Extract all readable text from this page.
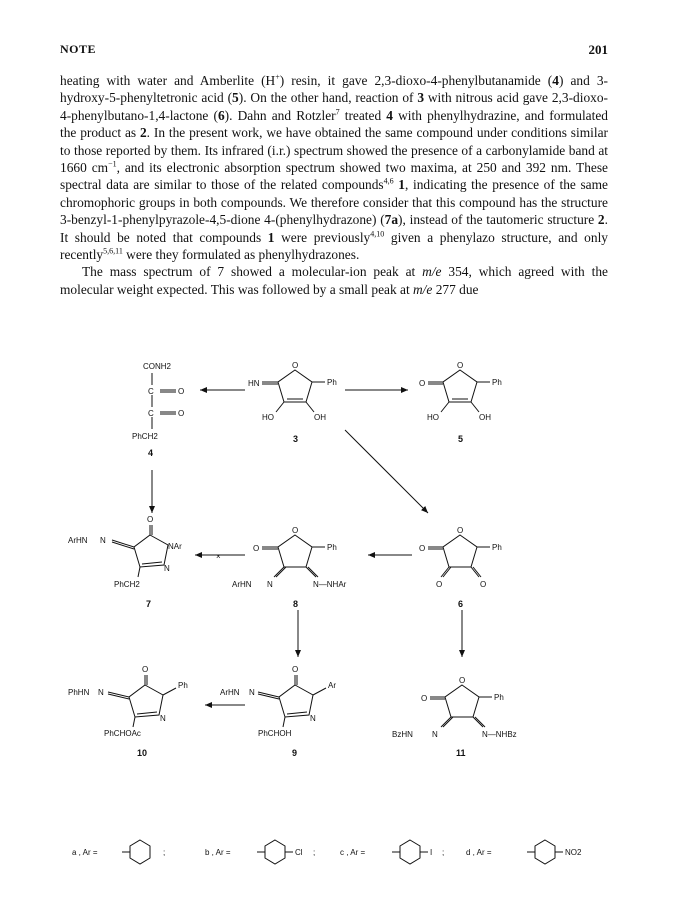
NOTE	201

heating with water and Amberlite (H+) resin, it gave 2,3-dioxo-4-phenylbutanamide (4) and 3-hydroxy-5-phenyltetronic acid (5). On the other hand, reaction of 3 with nitrous acid gave 2,3-dioxo-4-phenylbutano-1,4-lactone (6). Dahn and Rotzler$^7$ treated 4 with phenylhydrazine, and formulated the product as 2. In the present work, we have obtained the same compound under conditions similar to those reported by them. Its infrared (i.r.) spectrum showed the presence of a carbonylamide band at 1660 $cm^{-1}$, and its electronic absorption spectrum showed two maxima, at 250 and 392 nm. These spectral data are similar to those of the related compounds$^{4,6}$ 1, indicating the presence of the same chromophoric groups in both compounds. We therefore consider that this compound has the structure 3-benzyl-1-phenylpyrazole-4,5-dione 4-(phenylhydrazone) (7a), instead of the tautomeric structure 2. It should be noted that compounds 1 were previously$^{4,10}$ given a phenylazo structure, and only recently$^{5,6,11}$ were they formulated as phenylhydrazones.

The mass spectrum of 7 showed a molecular-ion peak at m/e 354, which agreed with the molecular weight expected. This was followed by a small peak at m/e 277 due

CONH2
C	O
C	O
PhCH2
4
HN
O
Ph
HO	OH
3
O
O
Ph
HO	OH
5
O
ArHN N
NAr
N
PhCH2
7
×
O
O
Ph
ArHN N	N—NHAr
8
O
O
Ph
O	O
6
O
PhHN N
Ph
N
PhCHOAc
10
O
ArHN N
Ar
N
PhCHOH
9
O
O
Ph
BzHN N	N—NHBz
11
a , Ar =	;	b , Ar =	Cl ;	c , Ar =	I ;	d , Ar =	NO2
